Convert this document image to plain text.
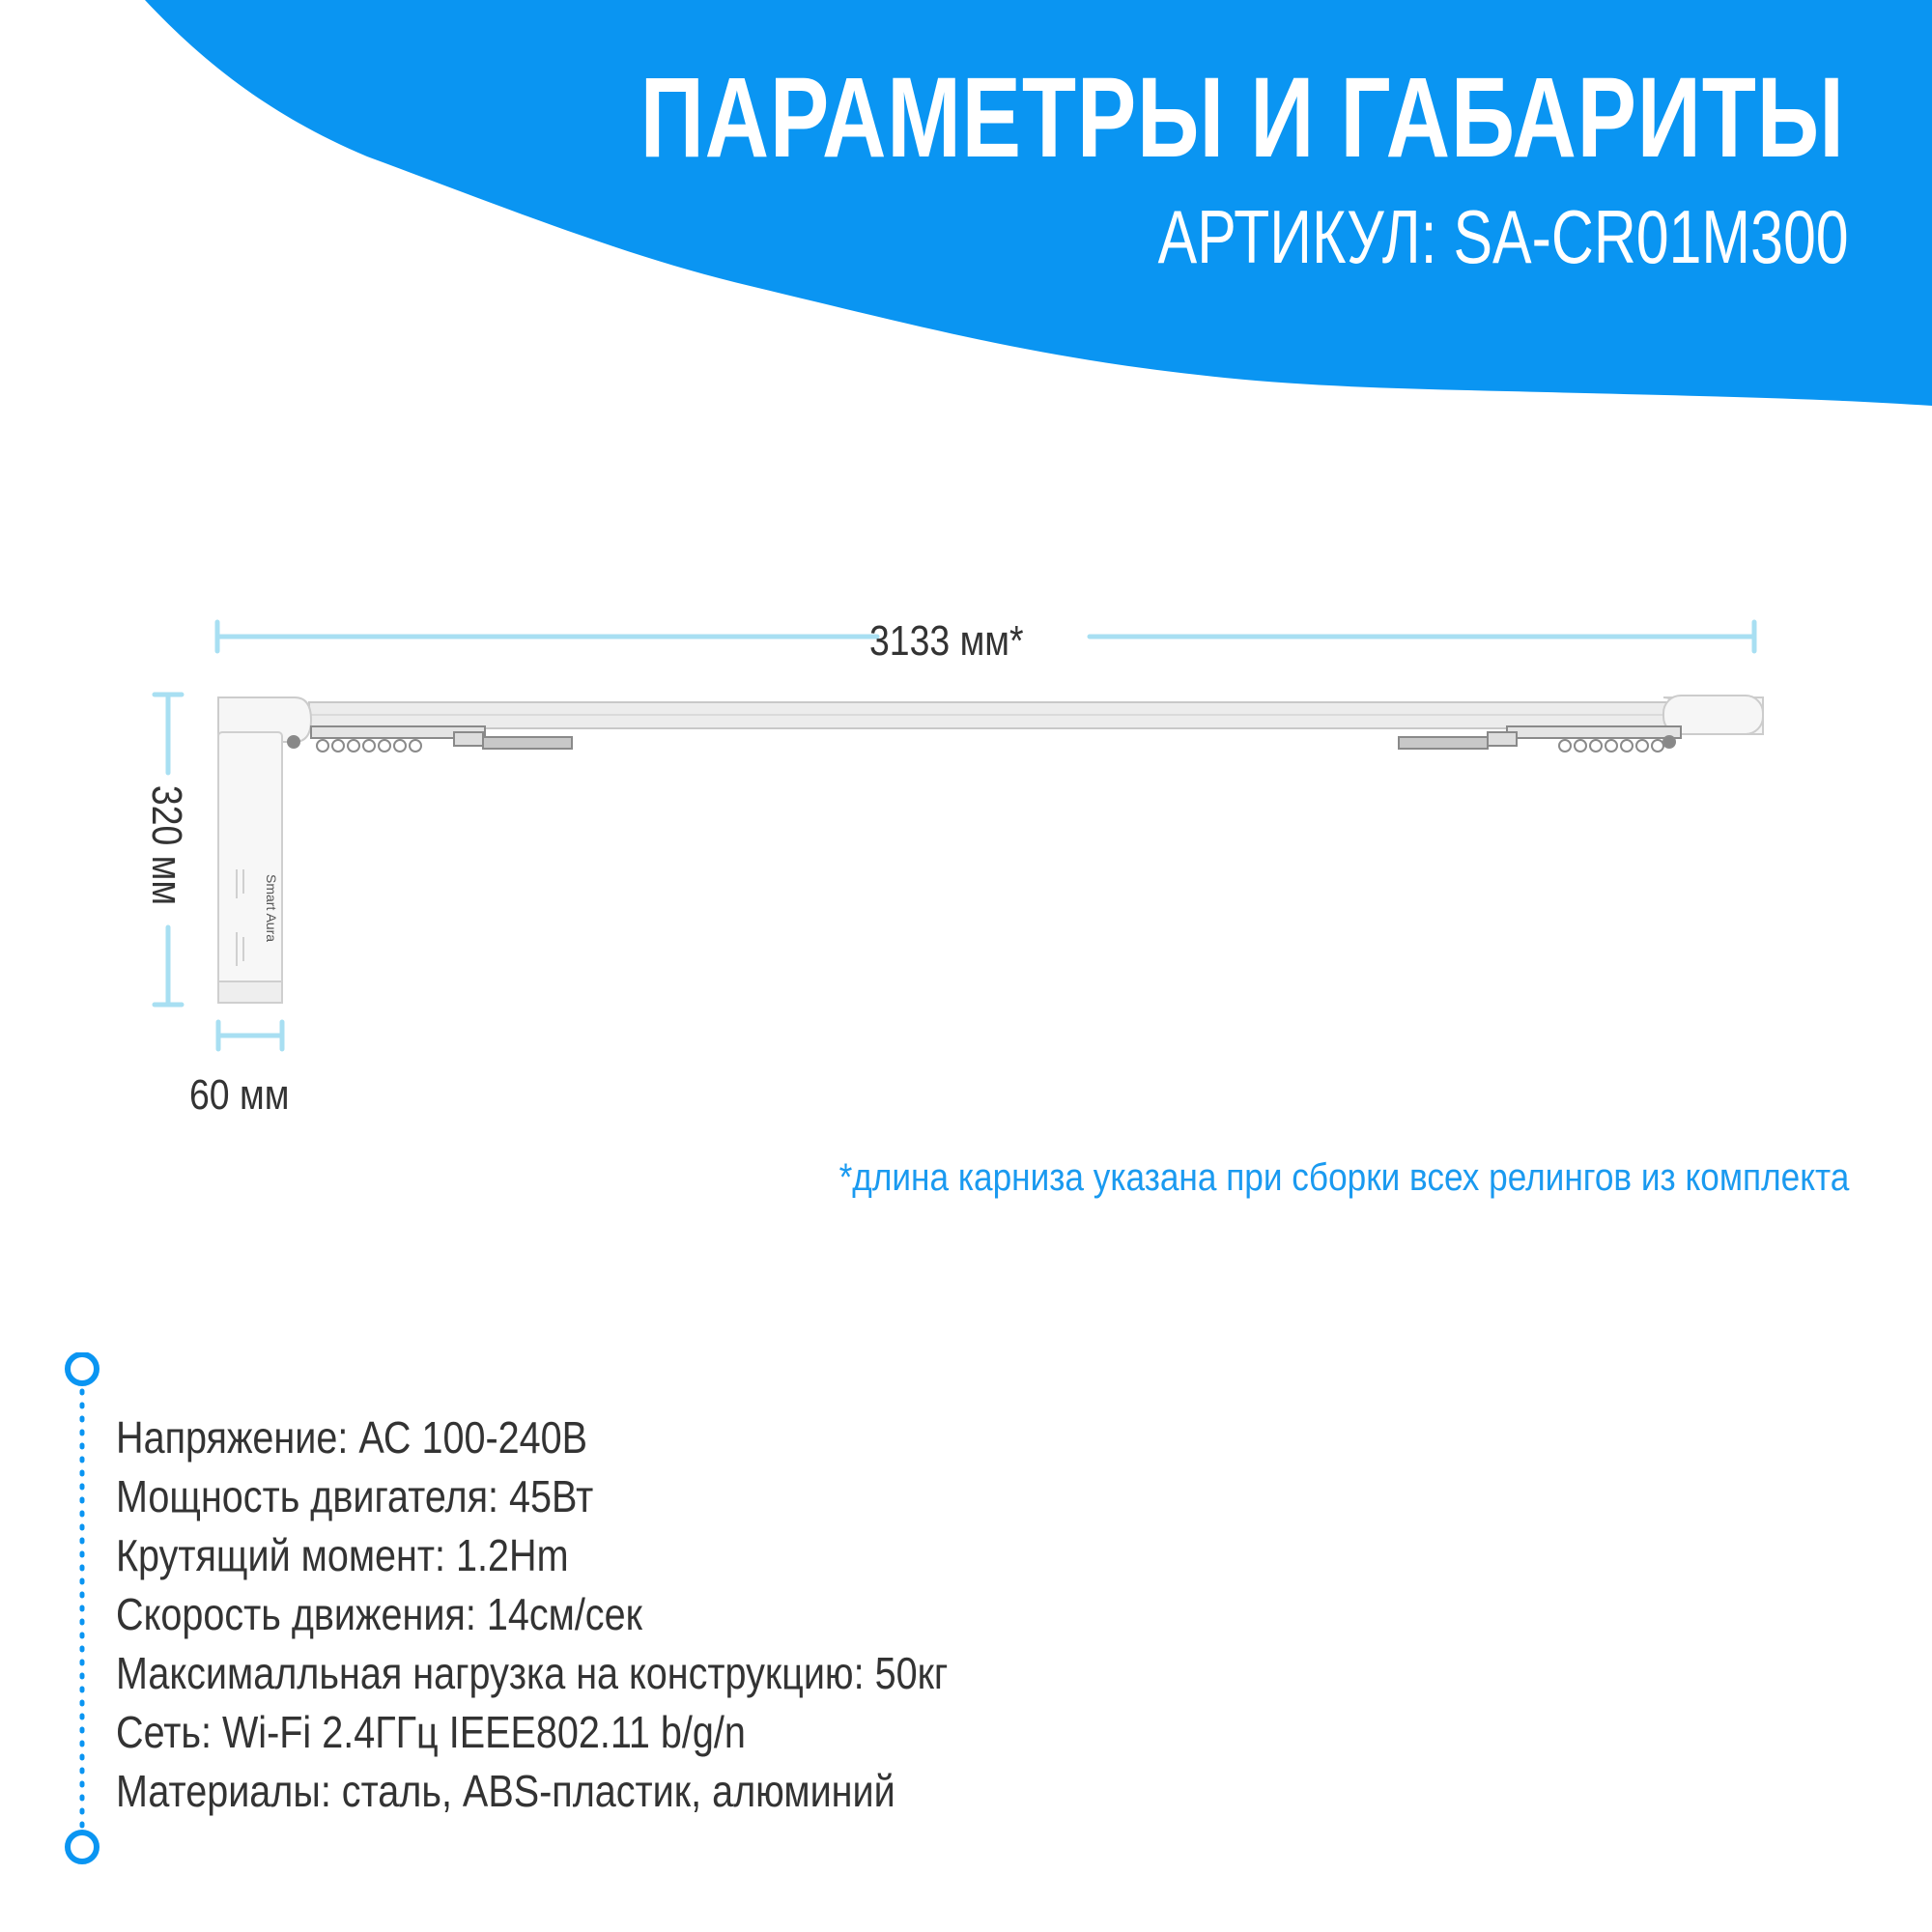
ПАРАМЕТРЫ И ГАБАРИТЫ
АРТИКУЛ: SA-CR01M300
Smart Aura
3133 мм*
320 мм
60 мм
*длина карниза указана при сборки всех релингов из комплекта
Напряжение: АС 100-240В
Мощность двигателя: 45Вт
Крутящий момент: 1.2Нm
Скорость движения: 14см/сек
Максималльная нагрузка на конструкцию: 50кг
Сеть: Wi-Fi 2.4ГГц IEEE802.11 b/g/n
Материалы: сталь, ABS-пластик, алюминий
